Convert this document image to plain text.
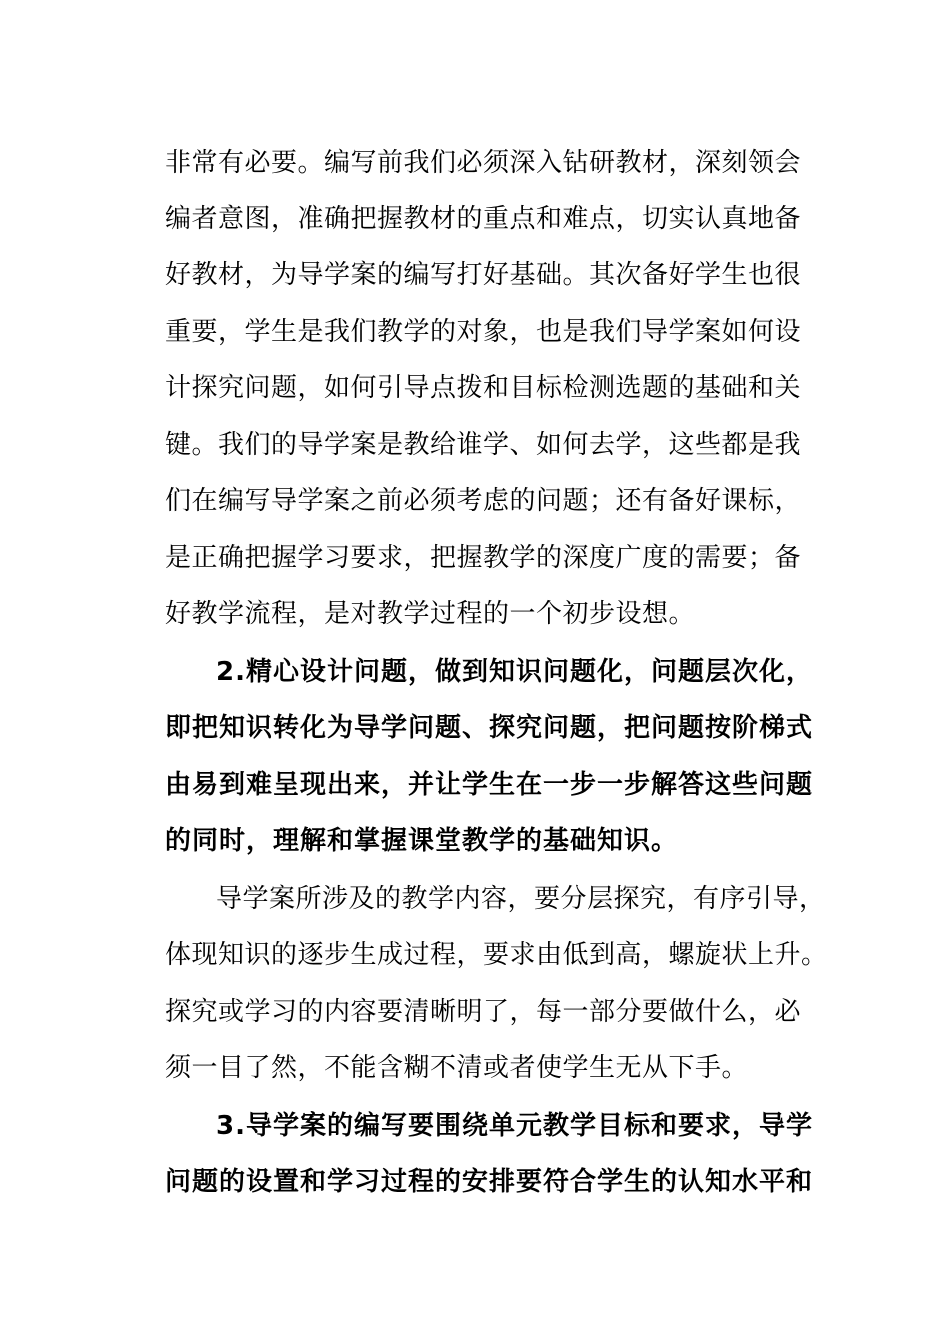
非常有必要。编写前我们必须深入钻研教材，深刻领会
编者意图，准确把握教材的重点和难点，切实认真地备
好教材，为导学案的编写打好基础。其次备好学生也很
重要，学生是我们教学的对象，也是我们导学案如何设
计探究问题，如何引导点拨和目标检测选题的基础和关
键。我们的导学案是教给谁学、如何去学，这些都是我
们在编写导学案之前必须考虑的问题；还有备好课标，
是正确把握学习要求，把握教学的深度广度的需要；备
好教学流程，是对教学过程的一个初步设想。
2.精心设计问题，做到知识问题化，问题层次化，
即把知识转化为导学问题、探究问题，把问题按阶梯式
由易到难呈现出来，并让学生在一步一步解答这些问题
的同时，理解和掌握课堂教学的基础知识。
导学案所涉及的教学内容，要分层探究，有序引导，
体现知识的逐步生成过程，要求由低到高，螺旋状上升。
探究或学习的内容要清晰明了，每一部分要做什么，必
须一目了然，不能含糊不清或者使学生无从下手。
3.导学案的编写要围绕单元教学目标和要求，导学
问题的设置和学习过程的安排要符合学生的认知水平和
